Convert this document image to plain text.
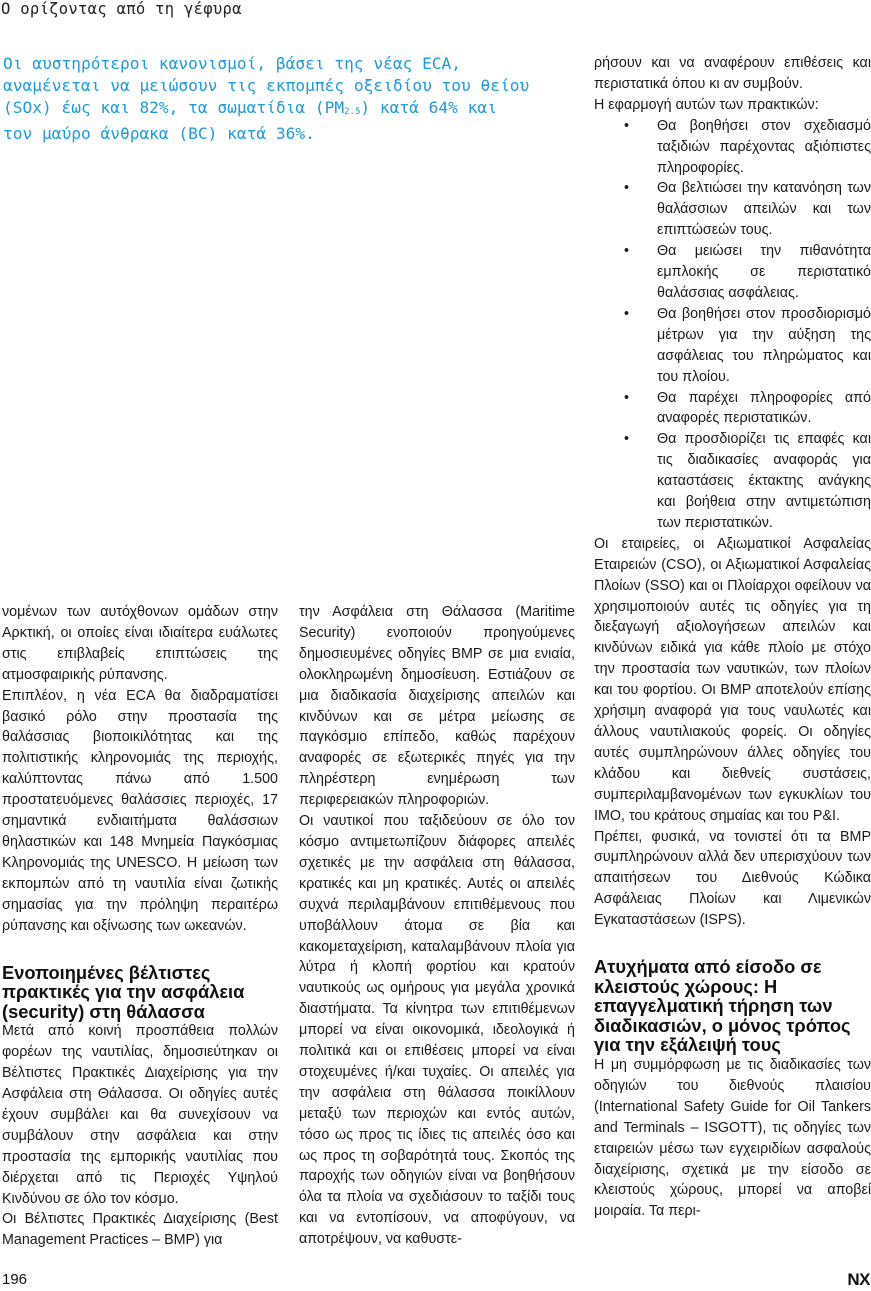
Ο ορίζοντας από τη γέφυρα

Οι αυστηρότεροι κανονισμοί, βάσει της νέας ECA,

αναμένεται να μειώσουν τις εκπομπές οξειδίου του θείου

(SOx) έως και 82%, τα σωματίδια $(PM_{2.5})$ κατά 64% και

τον μαύρο άνθρακα (BC) κατά 36%.

νομένων των αυτόχθονων ομάδων στην Αρκτική, οι οποίες είναι ιδιαίτερα ευάλωτες στις επιβλαβείς επιπτώσεις της ατμοσφαιρικής ρύπανσης.

Επιπλέον, η νέα ECA θα διαδραματίσει βασικό ρόλο στην προστασία της θαλάσσιας βιοποικιλότητας και της πολιτιστικής κληρονομιάς της περιοχής, καλύπτοντας πάνω από 1.500 προστατευόμενες θαλάσσιες περιοχές, 17 σημαντικά ενδιαιτήματα θαλάσσιων θηλαστικών και 148 Μνημεία Παγκόσμιας Κληρονομιάς της UNESCO. Η μείωση των εκπομπών από τη ναυτιλία είναι ζωτικής σημασίας για την πρόληψη περαιτέρω ρύπανσης και οξίνωσης των ωκεανών.

Ενοποιημένες βέλτιστες πρακτικές για την ασφάλεια (security) στη θάλασσα

Μετά από κοινή προσπάθεια πολλών φορέων της ναυτιλίας, δημοσιεύτηκαν οι Βέλτιστες Πρακτικές Διαχείρισης για την Ασφάλεια στη Θάλασσα. Οι οδηγίες αυτές έχουν συμβάλει και θα συνεχίσουν να συμβάλουν στην ασφάλεια και στην προστασία της εμπορικής ναυτιλίας που διέρχεται από τις Περιοχές Υψηλού Κινδύνου σε όλο τον κόσμο.

Οι Βέλτιστες Πρακτικές Διαχείρισης (Best Management Practices – BMP) για

την Ασφάλεια στη Θάλασσα (Maritime Security) ενοποιούν προηγούμενες δημοσιευμένες οδηγίες BMP σε μια ενιαία, ολοκληρωμένη δημοσίευση. Εστιάζουν σε μια διαδικασία διαχείρισης απειλών και κινδύνων και σε μέτρα μείωσης σε παγκόσμιο επίπεδο, καθώς παρέχουν αναφορές σε εξωτερικές πηγές για την πληρέστερη ενημέρωση των περιφερειακών πληροφοριών.

Οι ναυτικοί που ταξιδεύουν σε όλο τον κόσμο αντιμετωπίζουν διάφορες απειλές σχετικές με την ασφάλεια στη θάλασσα, κρατικές και μη κρατικές. Αυτές οι απειλές συχνά περιλαμβάνουν επιτιθέμενους που υποβάλλουν άτομα σε βία και κακομεταχείριση, καταλαμβάνουν πλοία για λύτρα ή κλοπή φορτίου και κρατούν ναυτικούς ως ομήρους για μεγάλα χρονικά διαστήματα. Τα κίνητρα των επιτιθέμενων μπορεί να είναι οικονομικά, ιδεολογικά ή πολιτικά και οι επιθέσεις μπορεί να είναι στοχευμένες ή/και τυχαίες. Οι απειλές για την ασφάλεια στη θάλασσα ποικίλλουν μεταξύ των περιοχών και εντός αυτών, τόσο ως προς τις ίδιες τις απειλές όσο και ως προς τη σοβαρότητά τους. Σκοπός της παροχής των οδηγιών είναι να βοηθήσουν όλα τα πλοία να σχεδιάσουν το ταξίδι τους και να εντοπίσουν, να αποφύγουν, να αποτρέψουν, να καθυστε-

ρήσουν και να αναφέρουν επιθέσεις και περιστατικά όπου κι αν συμβούν.

Η εφαρμογή αυτών των πρακτικών:

• Θα βοηθήσει στον σχεδιασμό ταξιδιών παρέχοντας αξιόπιστες πληροφορίες.
• Θα βελτιώσει την κατανόηση των θαλάσσιων απειλών και των επιπτώσεών τους.
• Θα μειώσει την πιθανότητα εμπλοκής σε περιστατικό θαλάσσιας ασφάλειας.
• Θα βοηθήσει στον προσδιορισμό μέτρων για την αύξηση της ασφάλειας του πληρώματος και του πλοίου.
• Θα παρέχει πληροφορίες από αναφορές περιστατικών.
• Θα προσδιορίζει τις επαφές και τις διαδικασίες αναφοράς για καταστάσεις έκτακτης ανάγκης και βοήθεια στην αντιμετώπιση των περιστατικών.

Οι εταιρείες, οι Αξιωματικοί Ασφαλείας Εταιρειών (CSO), οι Αξιωματικοί Ασφαλείας Πλοίων (SSO) και οι Πλοίαρχοι οφείλουν να χρησιμοποιούν αυτές τις οδηγίες για τη διεξαγωγή αξιολογήσεων απειλών και κινδύνων ειδικά για κάθε πλοίο με στόχο την προστασία των ναυτικών, των πλοίων και του φορτίου. Οι BMP αποτελούν επίσης χρήσιμη αναφορά για τους ναυλωτές και άλλους ναυτιλιακούς φορείς. Οι οδηγίες αυτές συμπληρώνουν άλλες οδηγίες του κλάδου και διεθνείς συστάσεις, συμπεριλαμβανομένων των εγκυκλίων του IMO, του κράτους σημαίας και του P&I.

Πρέπει, φυσικά, να τονιστεί ότι τα BMP συμπληρώνουν αλλά δεν υπερισχύουν των απαιτήσεων του Διεθνούς Κώδικα Ασφάλειας Πλοίων και Λιμενικών Εγκαταστάσεων (ISPS).

Ατυχήματα από είσοδο σε κλειστούς χώρους: Η επαγγελματική τήρηση των διαδικασιών, ο μόνος τρόπος για την εξάλειψή τους

Η μη συμμόρφωση με τις διαδικασίες των οδηγιών του διεθνούς πλαισίου (International Safety Guide for Oil Tankers and Terminals – ISGOTT), τις οδηγίες των εταιρειών μέσω των εγχειριδίων ασφαλούς διαχείρισης, σχετικά με την είσοδο σε κλειστούς χώρους, μπορεί να αποβεί μοιραία. Τα περι-

196	NX
